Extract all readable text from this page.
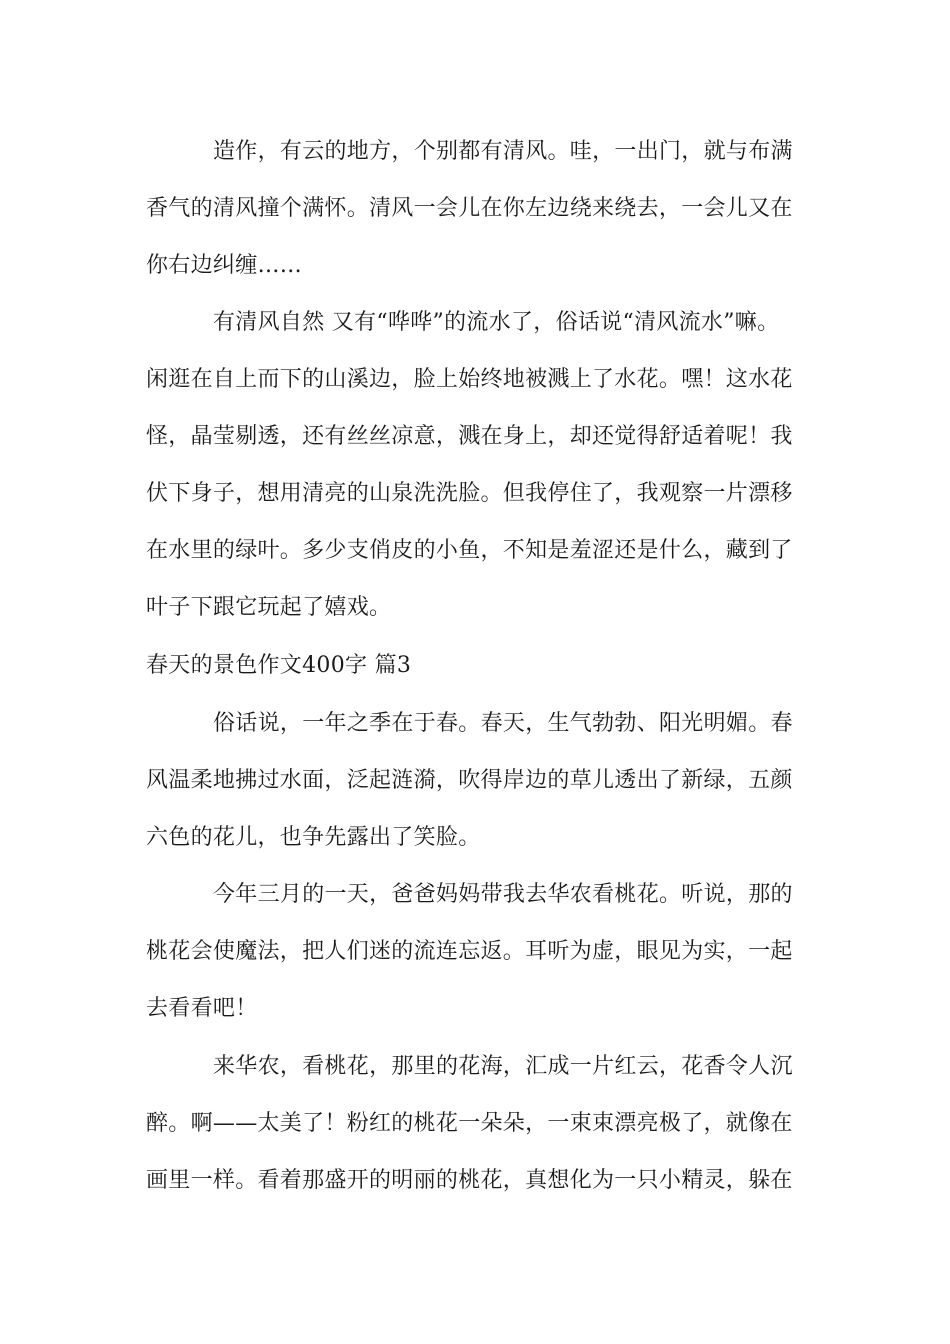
造作，有云的地方，个别都有清风。哇，一出门，就与布满
香气的清风撞个满怀。清风一会儿在你左边绕来绕去，一会儿又在
你右边纠缠……
有清风自然 又有“哗哗”的流水了，俗话说“清风流水”嘛。
闲逛在自上而下的山溪边，脸上始终地被溅上了水花。嘿！这水花
怪，晶莹剔透，还有丝丝凉意，溅在身上，却还觉得舒适着呢！我
伏下身子，想用清亮的山泉洗洗脸。但我停住了，我观察一片漂移
在水里的绿叶。多少支俏皮的小鱼，不知是羞涩还是什么，藏到了
叶子下跟它玩起了嬉戏。
春天的景色作文400字 篇3
俗话说，一年之季在于春。春天，生气勃勃、阳光明媚。春
风温柔地拂过水面，泛起涟漪，吹得岸边的草儿透出了新绿，五颜
六色的花儿，也争先露出了笑脸。
今年三月的一天，爸爸妈妈带我去华农看桃花。听说，那的
桃花会使魔法，把人们迷的流连忘返。耳听为虚，眼见为实，一起
去看看吧！
来华农，看桃花，那里的花海，汇成一片红云，花香令人沉
醉。啊——太美了！粉红的桃花一朵朵，一束束漂亮极了，就像在
画里一样。看着那盛开的明丽的桃花，真想化为一只小精灵，躲在
